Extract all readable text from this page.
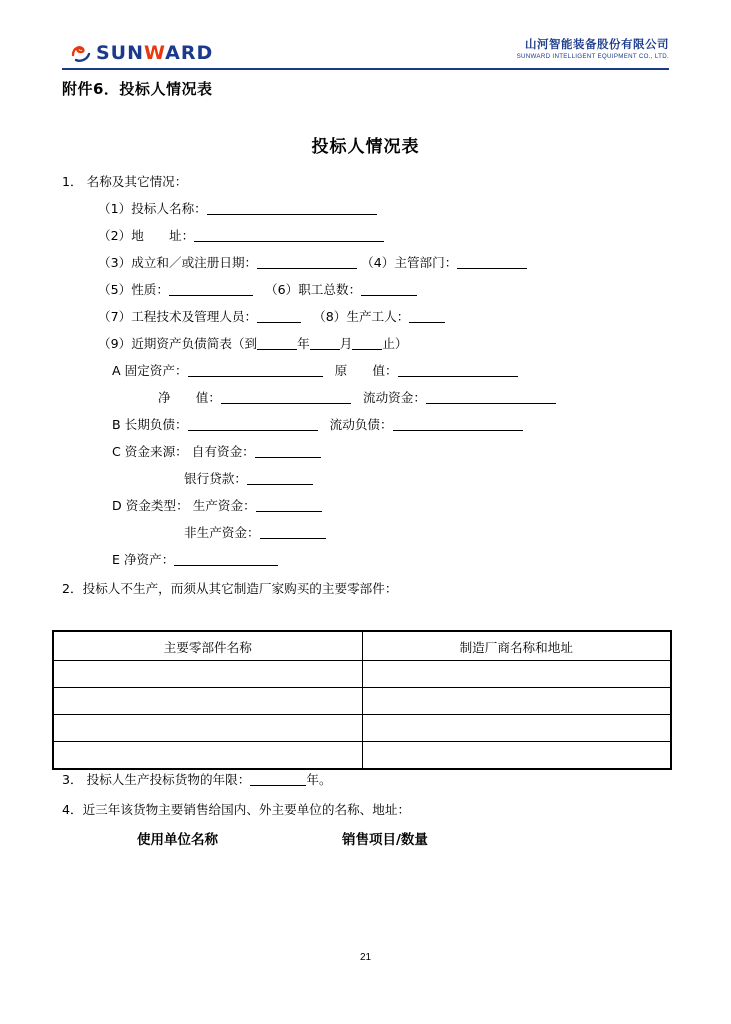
SUNWARD	山河智能装备股份有限公司
SUNWARD INTELLIGENT EQUIPMENT CO., LTD.
附件6．投标人情况表
投标人情况表
1． 名称及其它情况：
（1）投标人名称：
（2）地　　址：
（3）成立和／或注册日期：	（4）主管部门：
（5）性质：	（6）职工总数：
（7）工程技术及管理人员：	（8）生产工人：
（9）近期资产负债简表（到	年 月 止）
A 固定资产：	原　　值：
净　　值：	流动资金：
B 长期负债：	流动负债：
C 资金来源： 自有资金：
银行贷款：
D 资金类型： 生产资金：
非生产资金：
E 净资产：
2．投标人不生产，而须从其它制造厂家购买的主要零部件：
主要零部件名称	制造厂商名称和地址

3． 投标人生产投标货物的年限：	年。
4．近三年该货物主要销售给国内、外主要单位的名称、地址：
使用单位名称	销售项目/数量
21
